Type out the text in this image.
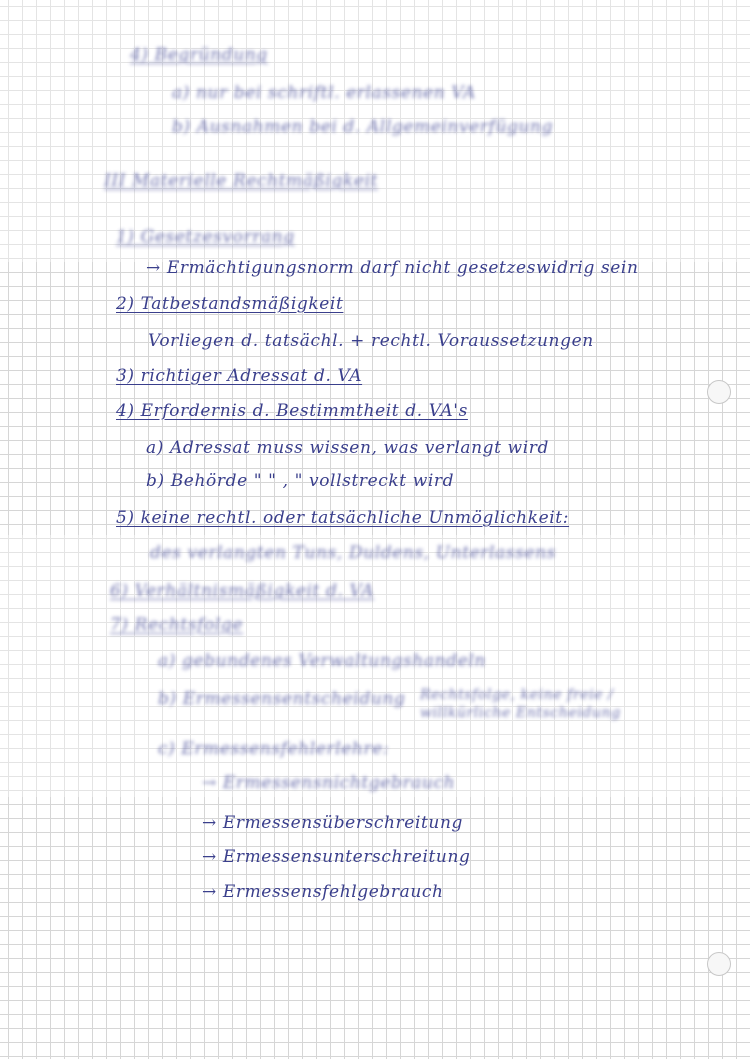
4) Begründung
a) nur bei schriftl. erlassenen VA
b) Ausnahmen bei d. Allgemeinverfügung
III Materielle Rechtmäßigkeit
1) Gesetzesvorrang
→ Ermächtigungsnorm darf nicht gesetzeswidrig sein
2) Tatbestandsmäßigkeit
Vorliegen d. tatsächl. + rechtl. Voraussetzungen
3) richtiger Adressat d. VA
4) Erfordernis d. Bestimmtheit d. VA's
a) Adressat muss wissen, was verlangt wird
b) Behörde " " , " vollstreckt wird
5) keine rechtl. oder tatsächliche Unmöglichkeit:
des verlangten Tuns, Duldens, Unterlassens
6) Verhältnismäßigkeit d. VA
7) Rechtsfolge
a) gebundenes Verwaltungshandeln
b) Ermessensentscheidung Rechtsfolge, keine freie / willkürliche Entscheidung
c) Ermessensfehlerlehre:
→ Ermessensnichtgebrauch
→ Ermessensüberschreitung
→ Ermessensunterschreitung
→ Ermessensfehlgebrauch
